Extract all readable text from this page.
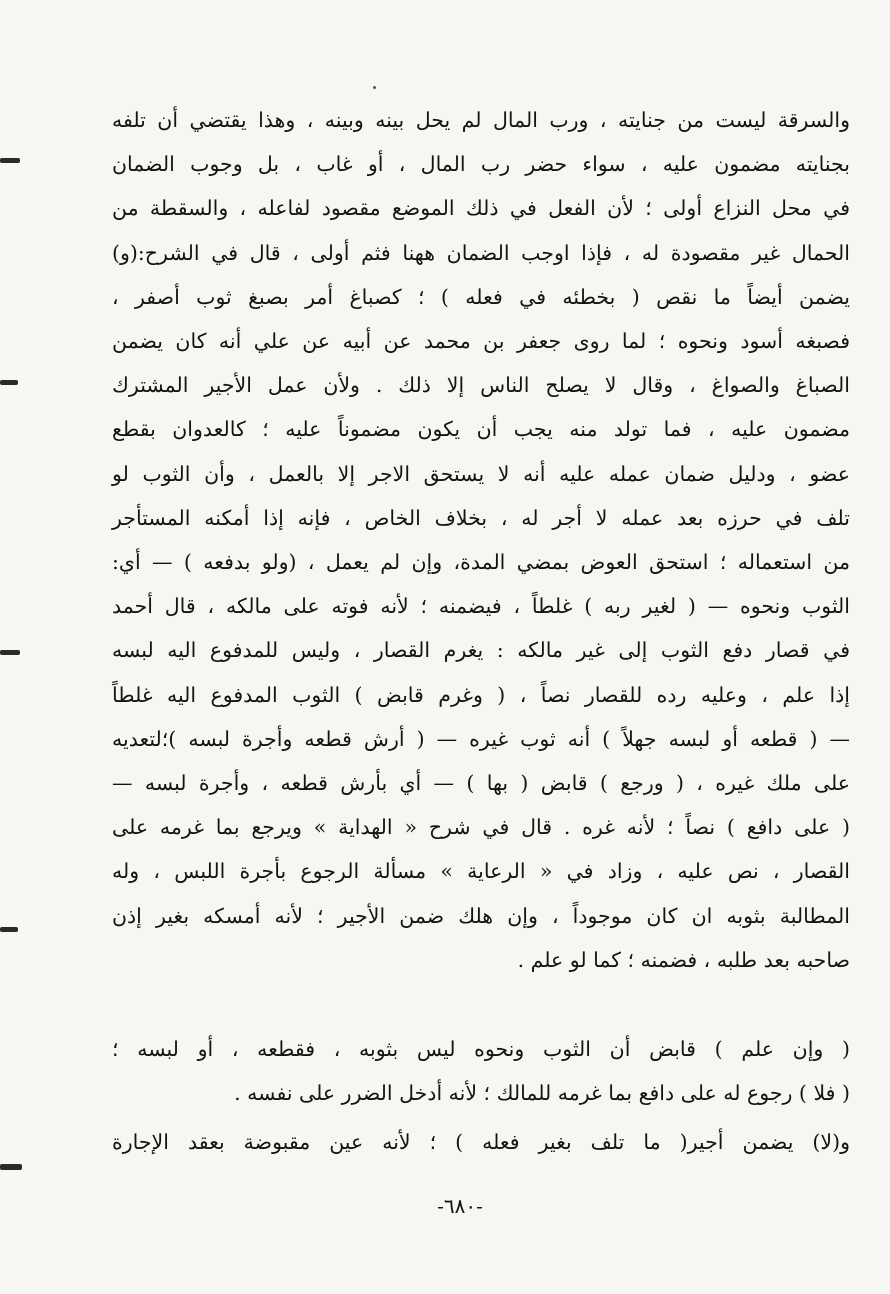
والسرقة ليست من جنايته ، ورب المال لم يحل بينه وبينه ، وهذا يقتضي أن تلفه
بجنايته مضمون عليه ، سواء حضر رب المال ، أو غاب ، بل وجوب الضمان
في محل النزاع أولى ؛ لأن الفعل في ذلك الموضع مقصود لفاعله ، والسقطة من
الحمال غير مقصودة له ، فإذا اوجب الضمان ههنا فثم أولى ، قال في الشرح:(و)
يضمن أيضاً ما نقص ( بخطئه في فعله ) ؛ كصباغ أمر بصبغ ثوب أصفر ،
فصبغه أسود ونحوه ؛ لما روى جعفر بن محمد عن أبيه عن علي أنه كان يضمن
الصباغ والصواغ ، وقال لا يصلح الناس إلا ذلك . ولأن عمل الأجير المشترك
مضمون عليه ، فما تولد منه يجب أن يكون مضموناً عليه ؛ كالعدوان بقطع
عضو ، ودليل ضمان عمله عليه أنه لا يستحق الاجر إلا بالعمل ، وأن الثوب لو
تلف في حرزه بعد عمله لا أجر له ، بخلاف الخاص ، فإنه إذا أمكنه المستأجر
من استعماله ؛ استحق العوض بمضي المدة، وإن لم يعمل ، (ولو بدفعه ) — أي:
الثوب ونحوه — ( لغير ربه ) غلطاً ، فيضمنه ؛ لأنه فوته على مالكه ، قال أحمد
في قصار دفع الثوب إلى غير مالكه : يغرم القصار ، وليس للمدفوع اليه لبسه
إذا علم ، وعليه رده للقصار نصاً ، ( وغرم قابض ) الثوب المدفوع اليه غلطاً
— ( قطعه أو لبسه جهلاً ) أنه ثوب غيره — ( أرش قطعه وأجرة لبسه )؛لتعديه
على ملك غيره ، ( ورجع ) قابض ( بها ) — أي بأرش قطعه ، وأجرة لبسه —
( على دافع ) نصاً ؛ لأنه غره . قال في شرح « الهداية » ويرجع بما غرمه على
القصار ، نص عليه ، وزاد في « الرعاية » مسألة الرجوع بأجرة اللبس ، وله
المطالبة بثوبه ان كان موجوداً ، وإن هلك ضمن الأجير ؛ لأنه أمسكه بغير إذن
صاحبه بعد طلبه ، فضمنه ؛ كما لو علم .
( وإن علم ) قابض أن الثوب ونحوه ليس بثوبه ، فقطعه ، أو لبسه ؛
( فلا ) رجوع له على دافع بما غرمه للمالك ؛ لأنه أدخل الضرر على نفسه .
و(لا) يضمن أجير( ما تلف بغير فعله ) ؛ لأنه عين مقبوضة بعقد الإجارة
-٦٨٠-
